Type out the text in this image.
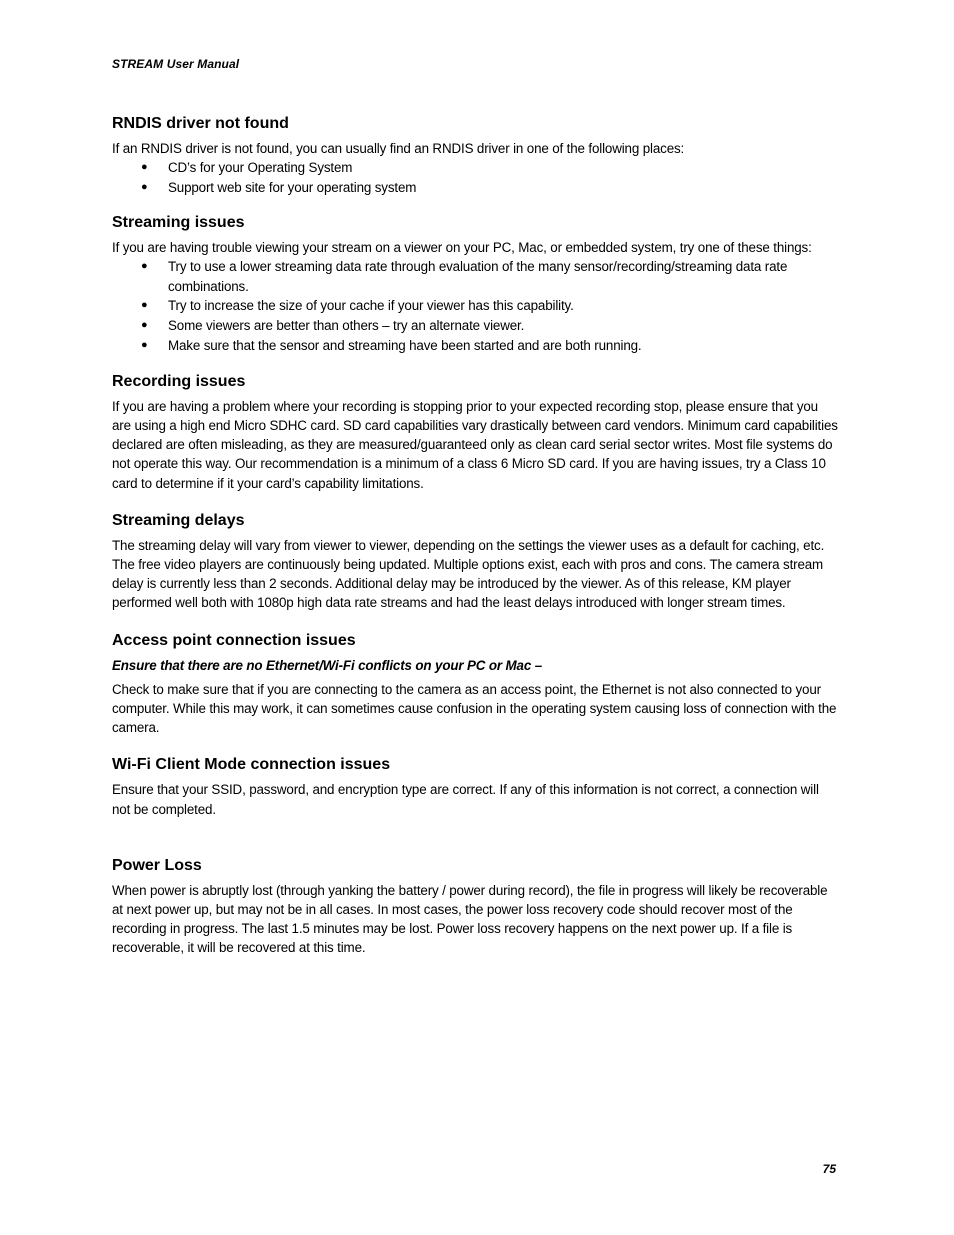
STREAM User Manual
RNDIS driver not found

If an RNDIS driver is not found, you can usually find an RNDIS driver in one of the following places:

● CD’s for your Operating System
● Support web site for your operating system
Streaming issues

If you are having trouble viewing your stream on a viewer on your PC, Mac, or embedded system, try one of these things:

● Try to use a lower streaming data rate through evaluation of the many sensor/recording/streaming data rate combinations.
● Try to increase the size of your cache if your viewer has this capability.
● Some viewers are better than others – try an alternate viewer.
● Make sure that the sensor and streaming have been started and are both running.
Recording issues

If you are having a problem where your recording is stopping prior to your expected recording stop, please ensure that you are using a high end Micro SDHC card. SD card capabilities vary drastically between card vendors. Minimum card capabilities declared are often misleading, as they are measured/guaranteed only as clean card serial sector writes. Most file systems do not operate this way. Our recommendation is a minimum of a class 6 Micro SD card. If you are having issues, try a Class 10 card to determine if it your card’s capability limitations.

Streaming delays

The streaming delay will vary from viewer to viewer, depending on the settings the viewer uses as a default for caching, etc. The free video players are continuously being updated. Multiple options exist, each with pros and cons. The camera stream delay is currently less than 2 seconds. Additional delay may be introduced by the viewer. As of this release, KM player performed well both with 1080p high data rate streams and had the least delays introduced with longer stream times.

Access point connection issues

Ensure that there are no Ethernet/Wi-Fi conflicts on your PC or Mac –

Check to make sure that if you are connecting to the camera as an access point, the Ethernet is not also connected to your computer. While this may work, it can sometimes cause confusion in the operating system causing loss of connection with the camera.

Wi-Fi Client Mode connection issues

Ensure that your SSID, password, and encryption type are correct. If any of this information is not correct, a connection will not be completed.

Power Loss

When power is abruptly lost (through yanking the battery / power during record), the file in progress will likely be recoverable at next power up, but may not be in all cases. In most cases, the power loss recovery code should recover most of the recording in progress. The last 1.5 minutes may be lost. Power loss recovery happens on the next power up. If a file is recoverable, it will be recovered at this time.

75
